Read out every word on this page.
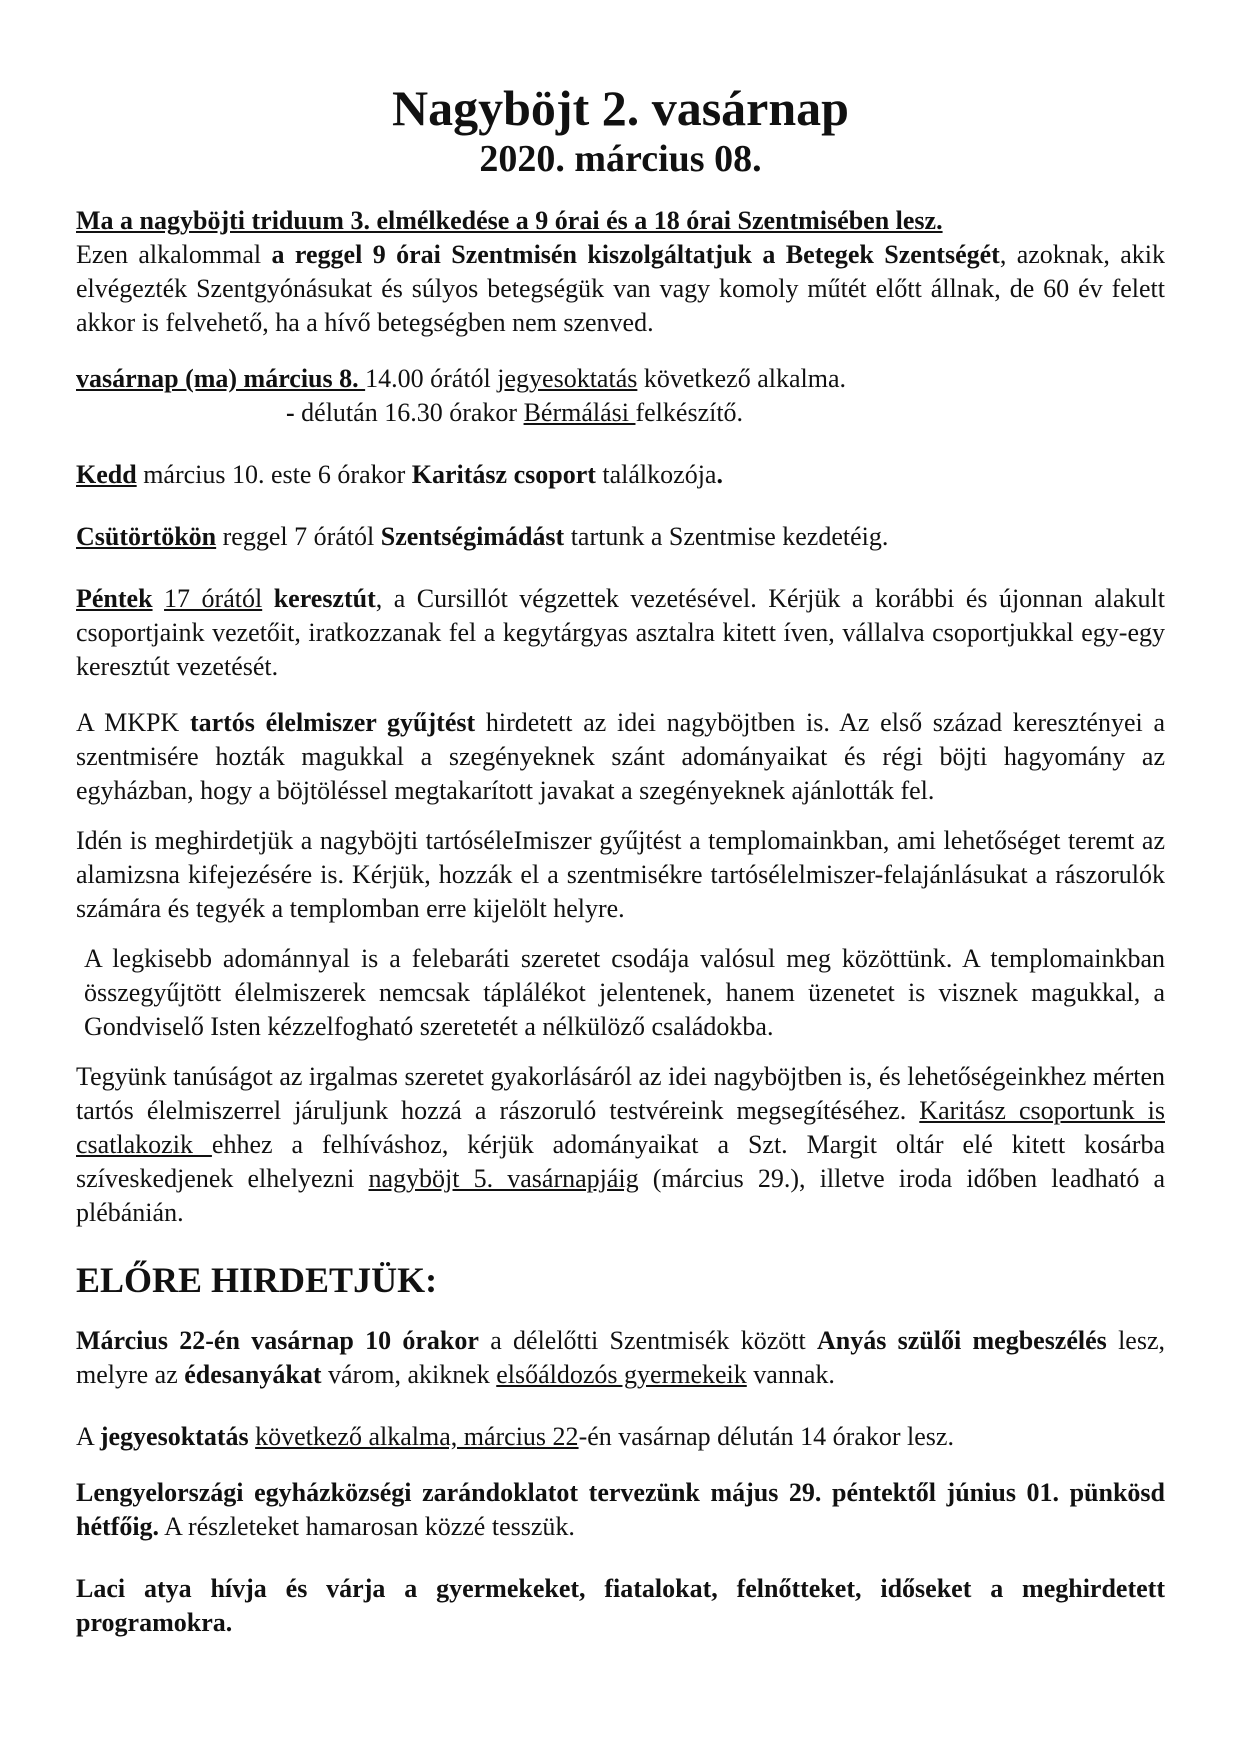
Nagyböjt 2. vasárnap
2020. március 08.

Ma a nagyböjti triduum 3. elmélkedése a 9 órai és a 18 órai Szentmisében lesz.

Ezen alkalommal a reggel 9 órai Szentmisén kiszolgáltatjuk a Betegek Szentségét, azoknak, akik elvégezték Szentgyónásukat és súlyos betegségük van vagy komoly műtét előtt állnak, de 60 év felett akkor is felvehető, ha a hívő betegségben nem szenved.

vasárnap (ma) március 8. 14.00 órától jegyesoktatás következő alkalma.

- délután 16.30 órakor Bérmálási felkészítő.

Kedd március 10. este 6 órakor Karitász csoport találkozója.

Csütörtökön reggel 7 órától Szentségimádást tartunk a Szentmise kezdetéig.

Péntek 17 órától keresztút, a Cursillót végzettek vezetésével. Kérjük a korábbi és újonnan alakult csoportjaink vezetőit, iratkozzanak fel a kegytárgyas asztalra kitett íven, vállalva csoportjukkal egy-egy keresztút vezetését.

A MKPK tartós élelmiszer gyűjtést hirdetett az idei nagyböjtben is. Az első század keresztényei a szentmisére hozták magukkal a szegényeknek szánt adományaikat és régi böjti hagyomány az egyházban, hogy a böjtöléssel megtakarított javakat a szegényeknek ajánlották fel.

Idén is meghirdetjük a nagyböjti tartóséleImiszer gyűjtést a templomainkban, ami lehetőséget teremt az alamizsna kifejezésére is. Kérjük, hozzák el a szentmisékre tartósélelmiszer-felajánlásukat a rászorulók számára és tegyék a templomban erre kijelölt helyre.

A legkisebb adománnyal is a felebaráti szeretet csodája valósul meg közöttünk. A templomainkban összegyűjtött élelmiszerek nemcsak táplálékot jelentenek, hanem üzenetet is visznek magukkal, a Gondviselő Isten kézzelfogható szeretetét a nélkülöző családokba.

Tegyünk tanúságot az irgalmas szeretet gyakorlásáról az idei nagyböjtben is, és lehetőségeinkhez mérten tartós élelmiszerrel járuljunk hozzá a rászoruló testvéreink megsegítéséhez. Karitász csoportunk is csatlakozik ehhez a felhíváshoz, kérjük adományaikat a Szt. Margit oltár elé kitett kosárba szíveskedjenek elhelyezni nagyböjt 5. vasárnapjáig (március 29.), illetve iroda időben leadható a plébánián.

ELŐRE HIRDETJÜK:

Március 22-én vasárnap 10 órakor a délelőtti Szentmisék között Anyás szülői megbeszélés lesz, melyre az édesanyákat várom, akiknek elsőáldozós gyermekeik vannak.

A jegyesoktatás következő alkalma, március 22-én vasárnap délután 14 órakor lesz.

Lengyelországi egyházközségi zarándoklatot tervezünk május 29. péntektől június 01. pünkösd hétfőig. A részleteket hamarosan közzé tesszük.

Laci atya hívja és várja a gyermekeket, fiatalokat, felnőtteket, időseket a meghirdetett programokra.
